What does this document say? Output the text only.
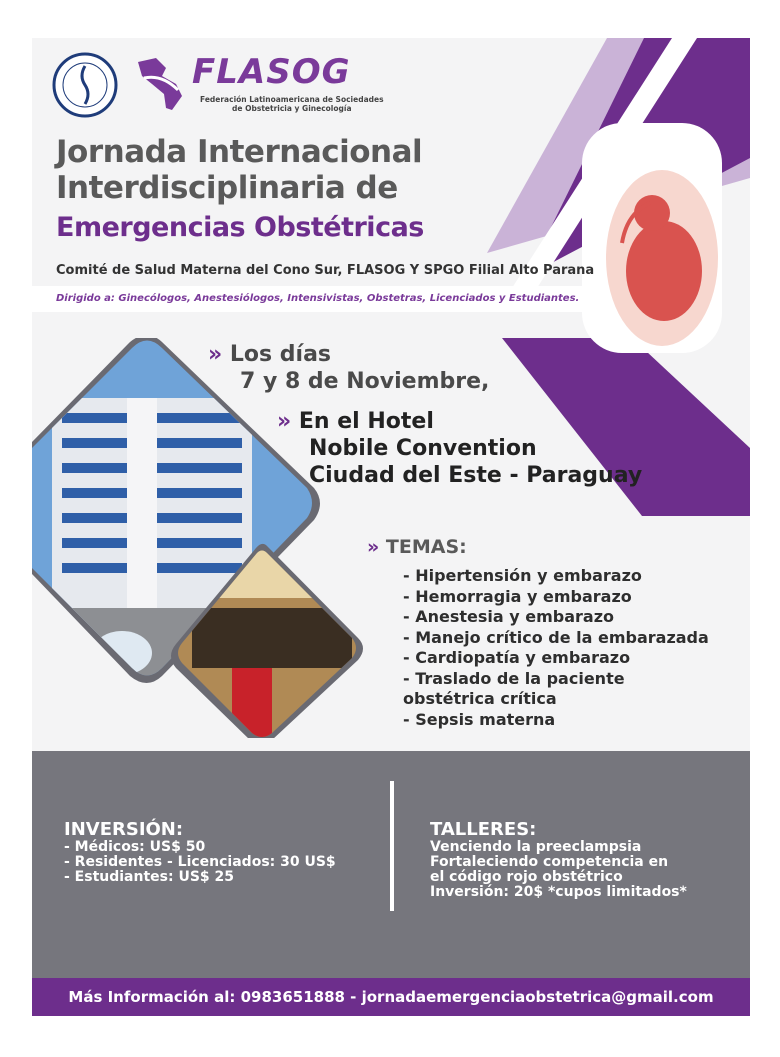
FLASOG
Federación Latinoamericana de Sociedades
de Obstetricia y Ginecología
Jornada Internacional
Interdisciplinaria de
Emergencias Obstétricas
Comité de Salud Materna del Cono Sur, FLASOG Y SPGO Filial Alto Parana
Dirigido a: Ginecólogos, Anestesiólogos, Intensivistas, Obstetras, Licenciados y Estudiantes.
» Los días
7 y 8 de Noviembre,
» En el Hotel
Nobile Convention
Ciudad del Este - Paraguay
» TEMAS:
- Hipertensión y embarazo
- Hemorragia y embarazo
- Anestesia y embarazo
- Manejo crítico de la embarazada
- Cardiopatía y embarazo
- Traslado de la paciente
obstétrica crítica
- Sepsis materna
INVERSIÓN:
- Médicos: US$ 50
- Residentes - Licenciados: 30 US$
- Estudiantes: US$ 25
TALLERES:
Venciendo la preeclampsia
Fortaleciendo competencia en
el código rojo obstétrico
Inversión: 20$ *cupos limitados*
Más Información al: 0983651888 - jornadaemergenciaobstetrica@gmail.com
